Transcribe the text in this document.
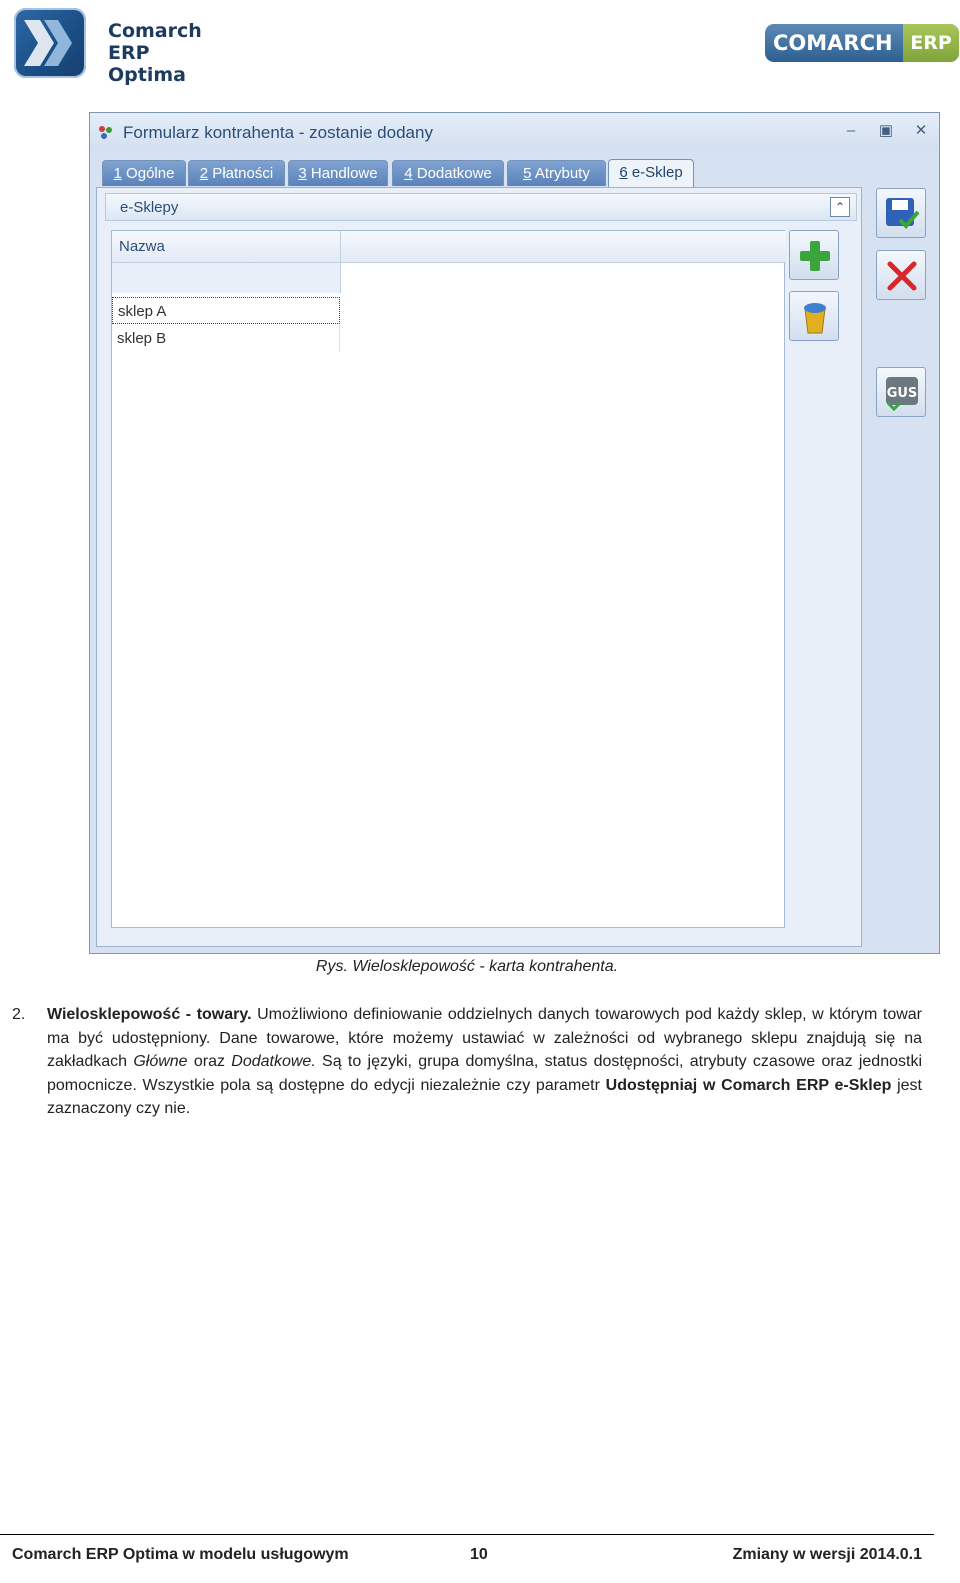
Comarch ERP
Optima
COMARCH ERP
Formularz kontrahenta - zostanie dodany	–	▣ ✕
1 Ogólne	2 Płatności	3 Handlowe	4 Dodatkowe	5 Atrybuty	6 e-Sklep
e-Sklepy	⌃
Nazwa
sklep A
sklep B
GUS
Rys. Wielosklepowość - karta kontrahenta.
2. Wielosklepowość - towary. Umożliwiono definiowanie oddzielnych danych towarowych pod każdy sklep, w którym towar ma być udostępniony. Dane towarowe, które możemy ustawiać w zależności od wybranego sklepu znajdują się na zakładkach Główne oraz Dodatkowe. Są to języki, grupa domyślna, status dostępności, atrybuty czasowe oraz jednostki pomocnicze. Wszystkie pola są dostępne do edycji niezależnie czy parametr Udostępniaj w Comarch ERP e-Sklep jest zaznaczony czy nie.
Comarch ERP Optima w modelu usługowym	10	Zmiany w wersji 2014.0.1
